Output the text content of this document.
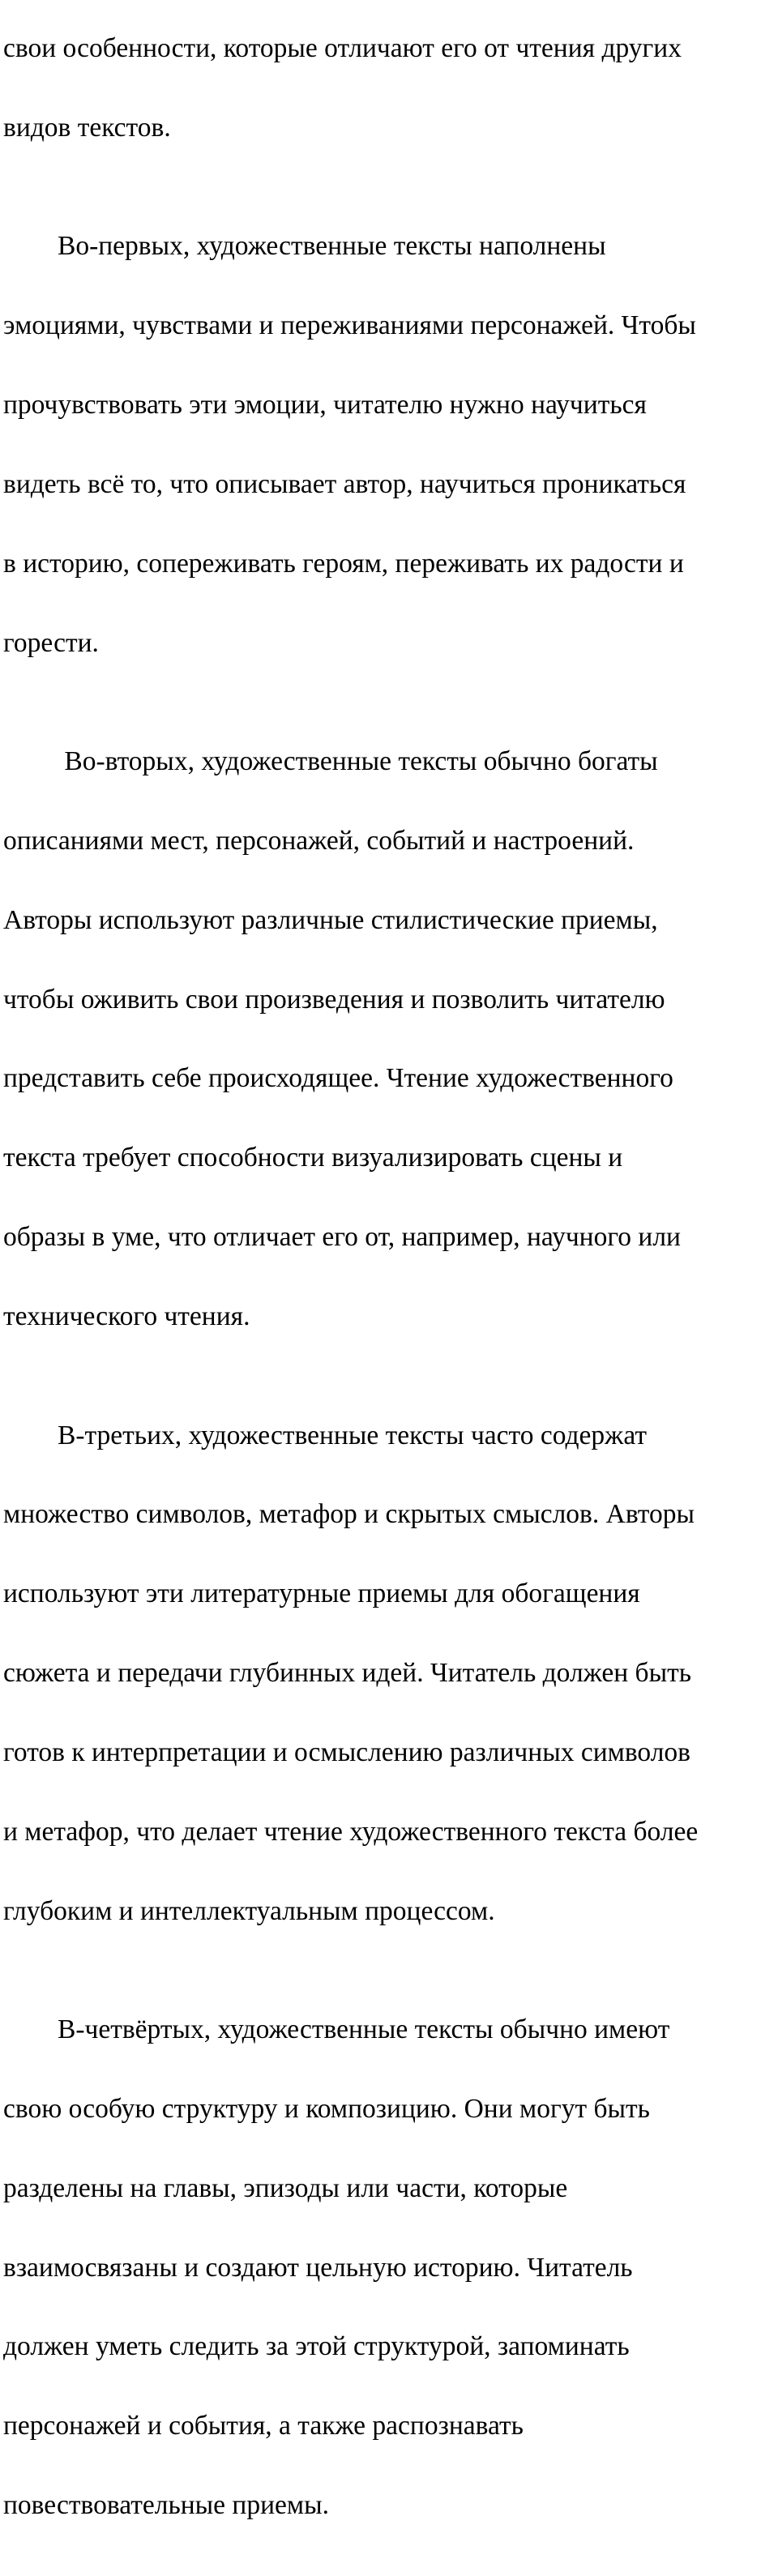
свои особенности, которые отличают его от чтения других

видов текстов.

Во-первых, художественные тексты наполнены

эмоциями, чувствами и переживаниями персонажей. Чтобы

прочувствовать эти эмоции, читателю нужно научиться

видеть всё то, что описывает автор, научиться проникаться

в историю, сопереживать героям, переживать их радости и

горести.

Во-вторых, художественные тексты обычно богаты

описаниями мест, персонажей, событий и настроений.

Авторы используют различные стилистические приемы,

чтобы оживить свои произведения и позволить читателю

представить себе происходящее. Чтение художественного

текста требует способности визуализировать сцены и

образы в уме, что отличает его от, например, научного или

технического чтения.

В-третьих, художественные тексты часто содержат

множество символов, метафор и скрытых смыслов. Авторы

используют эти литературные приемы для обогащения

сюжета и передачи глубинных идей. Читатель должен быть

готов к интерпретации и осмыслению различных символов

и метафор, что делает чтение художественного текста более

глубоким и интеллектуальным процессом.

В-четвёртых, художественные тексты обычно имеют

свою особую структуру и композицию. Они могут быть

разделены на главы, эпизоды или части, которые

взаимосвязаны и создают цельную историю. Читатель

должен уметь следить за этой структурой, запоминать

персонажей и события, а также распознавать

повествовательные приемы.
